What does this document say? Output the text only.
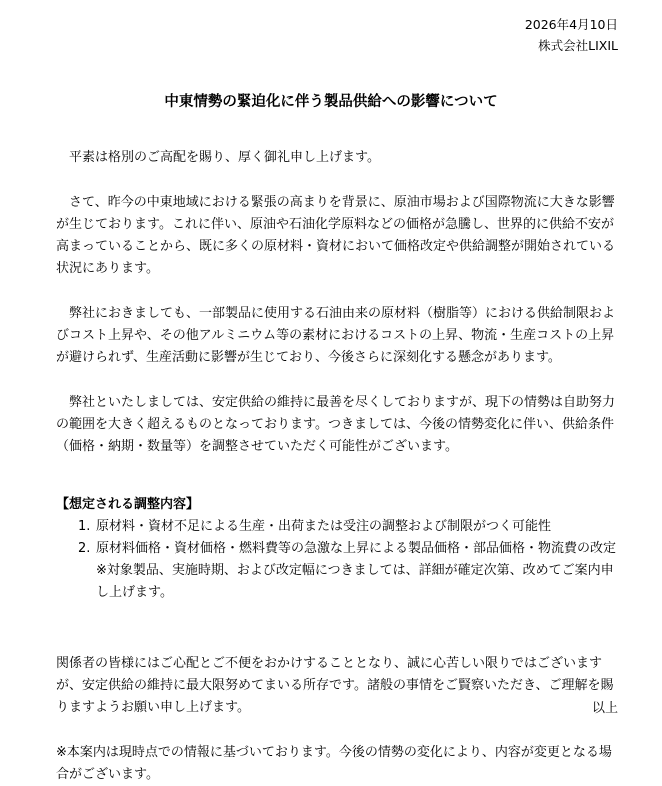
2026年4月10日
株式会社LIXIL
中東情勢の緊迫化に伴う製品供給への影響について

平素は格別のご高配を賜り、厚く御礼申し上げます。

さて、昨今の中東地域における緊張の高まりを背景に、原油市場および国際物流に大きな影響が生じております。これに伴い、原油や石油化学原料などの価格が急騰し、世界的に供給不安が高まっていることから、既に多くの原材料・資材において価格改定や供給調整が開始されている状況にあります。

弊社におきましても、一部製品に使用する石油由来の原材料（樹脂等）における供給制限およびコスト上昇や、その他アルミニウム等の素材におけるコストの上昇、物流・生産コストの上昇が避けられず、生産活動に影響が生じており、今後さらに深刻化する懸念があります。

弊社といたしましては、安定供給の維持に最善を尽くしておりますが、現下の情勢は自助努力の範囲を大きく超えるものとなっております。つきましては、今後の情勢変化に伴い、供給条件（価格・納期・数量等）を調整させていただく可能性がございます。

【想定される調整内容】

1. 原材料・資材不足による生産・出荷または受注の調整および制限がつく可能性
2. 原材料価格・資材価格・燃料費等の急激な上昇による製品価格・部品価格・物流費の改定
※対象製品、実施時期、および改定幅につきましては、詳細が確定次第、改めてご案内申し上げます。

関係者の皆様にはご心配とご不便をおかけすることとなり、誠に心苦しい限りではございますが、安定供給の維持に最大限努めてまいる所存です。諸般の事情をご賢察いただき、ご理解を賜りますようお願い申し上げます。

※本案内は現時点での情報に基づいております。今後の情勢の変化により、内容が変更となる場合がございます。

以上
